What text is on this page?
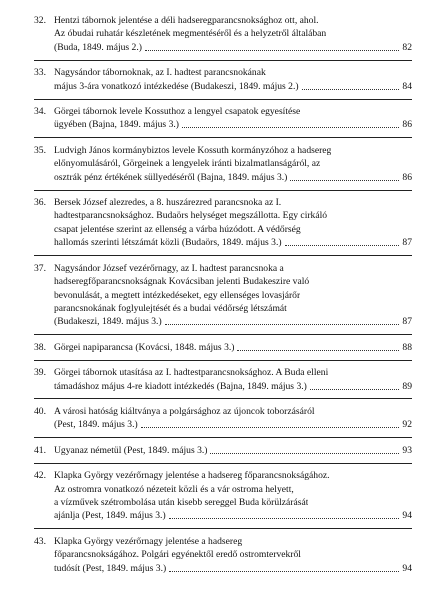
32. Hentzi tábornok jelentése a déli hadseregparancsnoksághoz ott, ahol.
Az óbudai ruhatár készletének megmentéséről és a helyzetről általában
(Buda, 1849. május 2.)	82
33. Nagysándor tábornoknak, az I. hadtest parancsnokának
május 3-ára vonatkozó intézkedése (Budakeszi, 1849. május 2.)	84
34. Görgei tábornok levele Kossuthoz a lengyel csapatok egyesítése
ügyében (Bajna, 1849. május 3.)	86
35. Ludvigh János kormánybiztos levele Kossuth kormányzóhoz a hadsereg
előnyomulásáról, Görgeinek a lengyelek iránti bizalmatlanságáról, az
osztrák pénz értékének süllyedéséről (Bajna, 1849. május 3.)	86
36. Bersek József alezredes, a 8. huszárezred parancsnoka az I.
hadtestparancsnoksághoz. Budaörs helységet megszállotta. Egy cirkáló
csapat jelentése szerint az ellenség a várba húzódott. A védőrség
hallomás szerinti létszámát közli (Budaörs, 1849. május 3.)	87
37. Nagysándor József vezérőrnagy, az I. hadtest parancsnoka a
hadseregfőparancsnokságnak Kovácsiban jelenti Budakeszire való
bevonulását, a megtett intézkedéseket, egy ellenséges lovasjárőr
parancsnokának foglyulejtését és a budai védőrség létszámát
(Budakeszi, 1849. május 3.)	87
38. Görgei napiparancsa (Kovácsi, 1848. május 3.)	88
39. Görgei tábornok utasítása az I. hadtestparancsnoksághoz. A Buda elleni
támadáshoz május 4-re kiadott intézkedés (Bajna, 1849. május 3.)	89
40. A városi hatóság kiáltványa a polgársághoz az újoncok toborzásáról
(Pest, 1849. május 3.)	92
41. Ugyanaz németül (Pest, 1849. május 3.)	93
42. Klapka György vezérőrnagy jelentése a hadsereg főparancsnokságához.
Az ostromra vonatkozó nézeteit közli és a vár ostroma helyett,
a vízművek szétrombolása után kisebb sereggel Buda körülzárását
ajánlja (Pest, 1849. május 3.)	94
43. Klapka György vezérőrnagy jelentése a hadsereg
főparancsnokságához. Polgári egyénektől eredő ostromtervekről
tudósít (Pest, 1849. május 3.)	94
